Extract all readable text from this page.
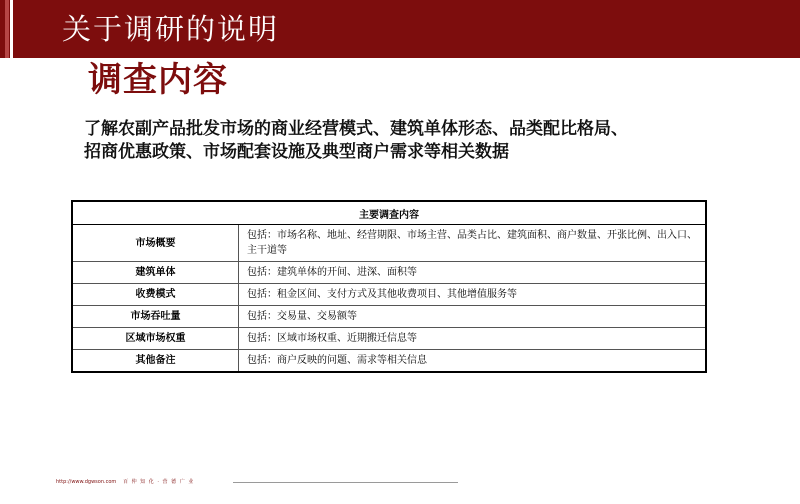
关于调研的说明
调查内容
了解农副产品批发市场的商业经营模式、建筑单体形态、品类配比格局、
招商优惠政策、市场配套设施及典型商户需求等相关数据
主要调查内容	
市场概要	包括：市场名称、地址、经营期限、市场主营、品类占比、建筑面积、商户数量、开张比例、出入口、主干道等
建筑单体	包括：建筑单体的开间、进深、面积等
收费模式	包括：租金区间、支付方式及其他收费项目、其他增值服务等
市场吞吐量	包括：交易量、交易额等
区域市场权重	包括：区域市场权重、近期搬迁信息等
其他备注	包括：商户反映的问题、需求等相关信息
http://www.dgwson.com 百 仲 知 化 · 营 德 广 业
